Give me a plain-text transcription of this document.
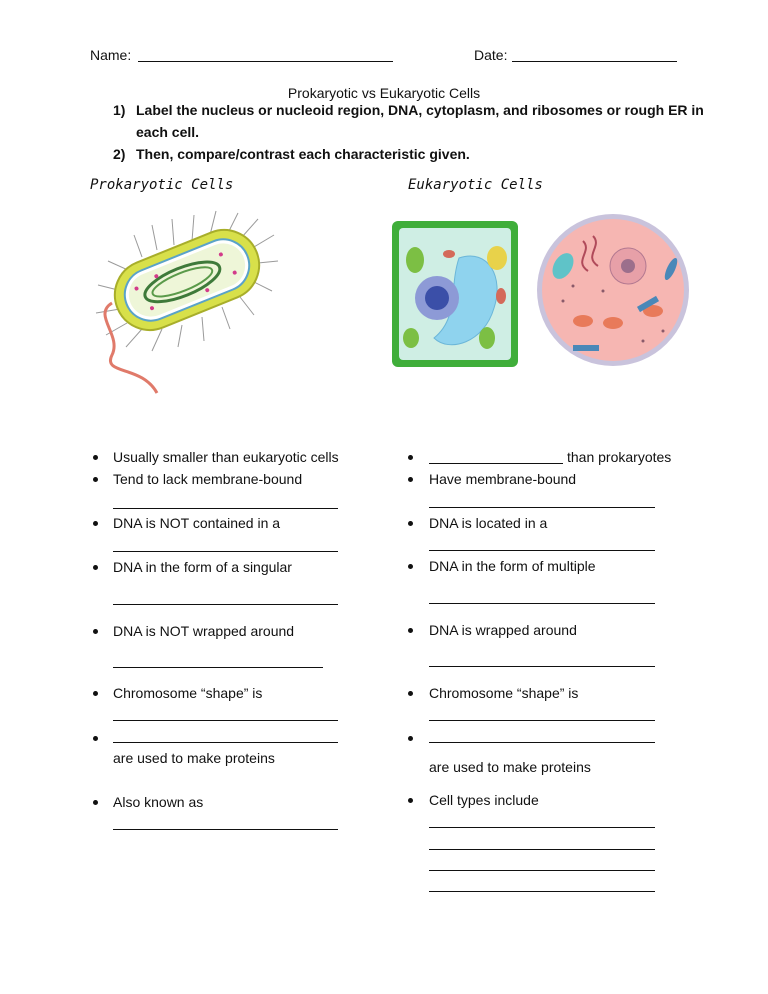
Name:	Date:
Prokaryotic vs Eukaryotic Cells
1) Label the nucleus or nucleoid region, DNA, cytoplasm, and ribosomes or rough ER in
each cell.
2) Then, compare/contrast each characteristic given.
Prokaryotic Cells	Eukaryotic Cells
Usually smaller than eukaryotic cells
Tend to lack membrane-bound
DNA is NOT contained in a
DNA in the form of a singular
DNA is NOT wrapped around
Chromosome “shape” is
are used to make proteins
Also known as
than prokaryotes
Have membrane-bound
DNA is located in a
DNA in the form of multiple
DNA is wrapped around
Chromosome “shape” is
are used to make proteins
Cell types include
